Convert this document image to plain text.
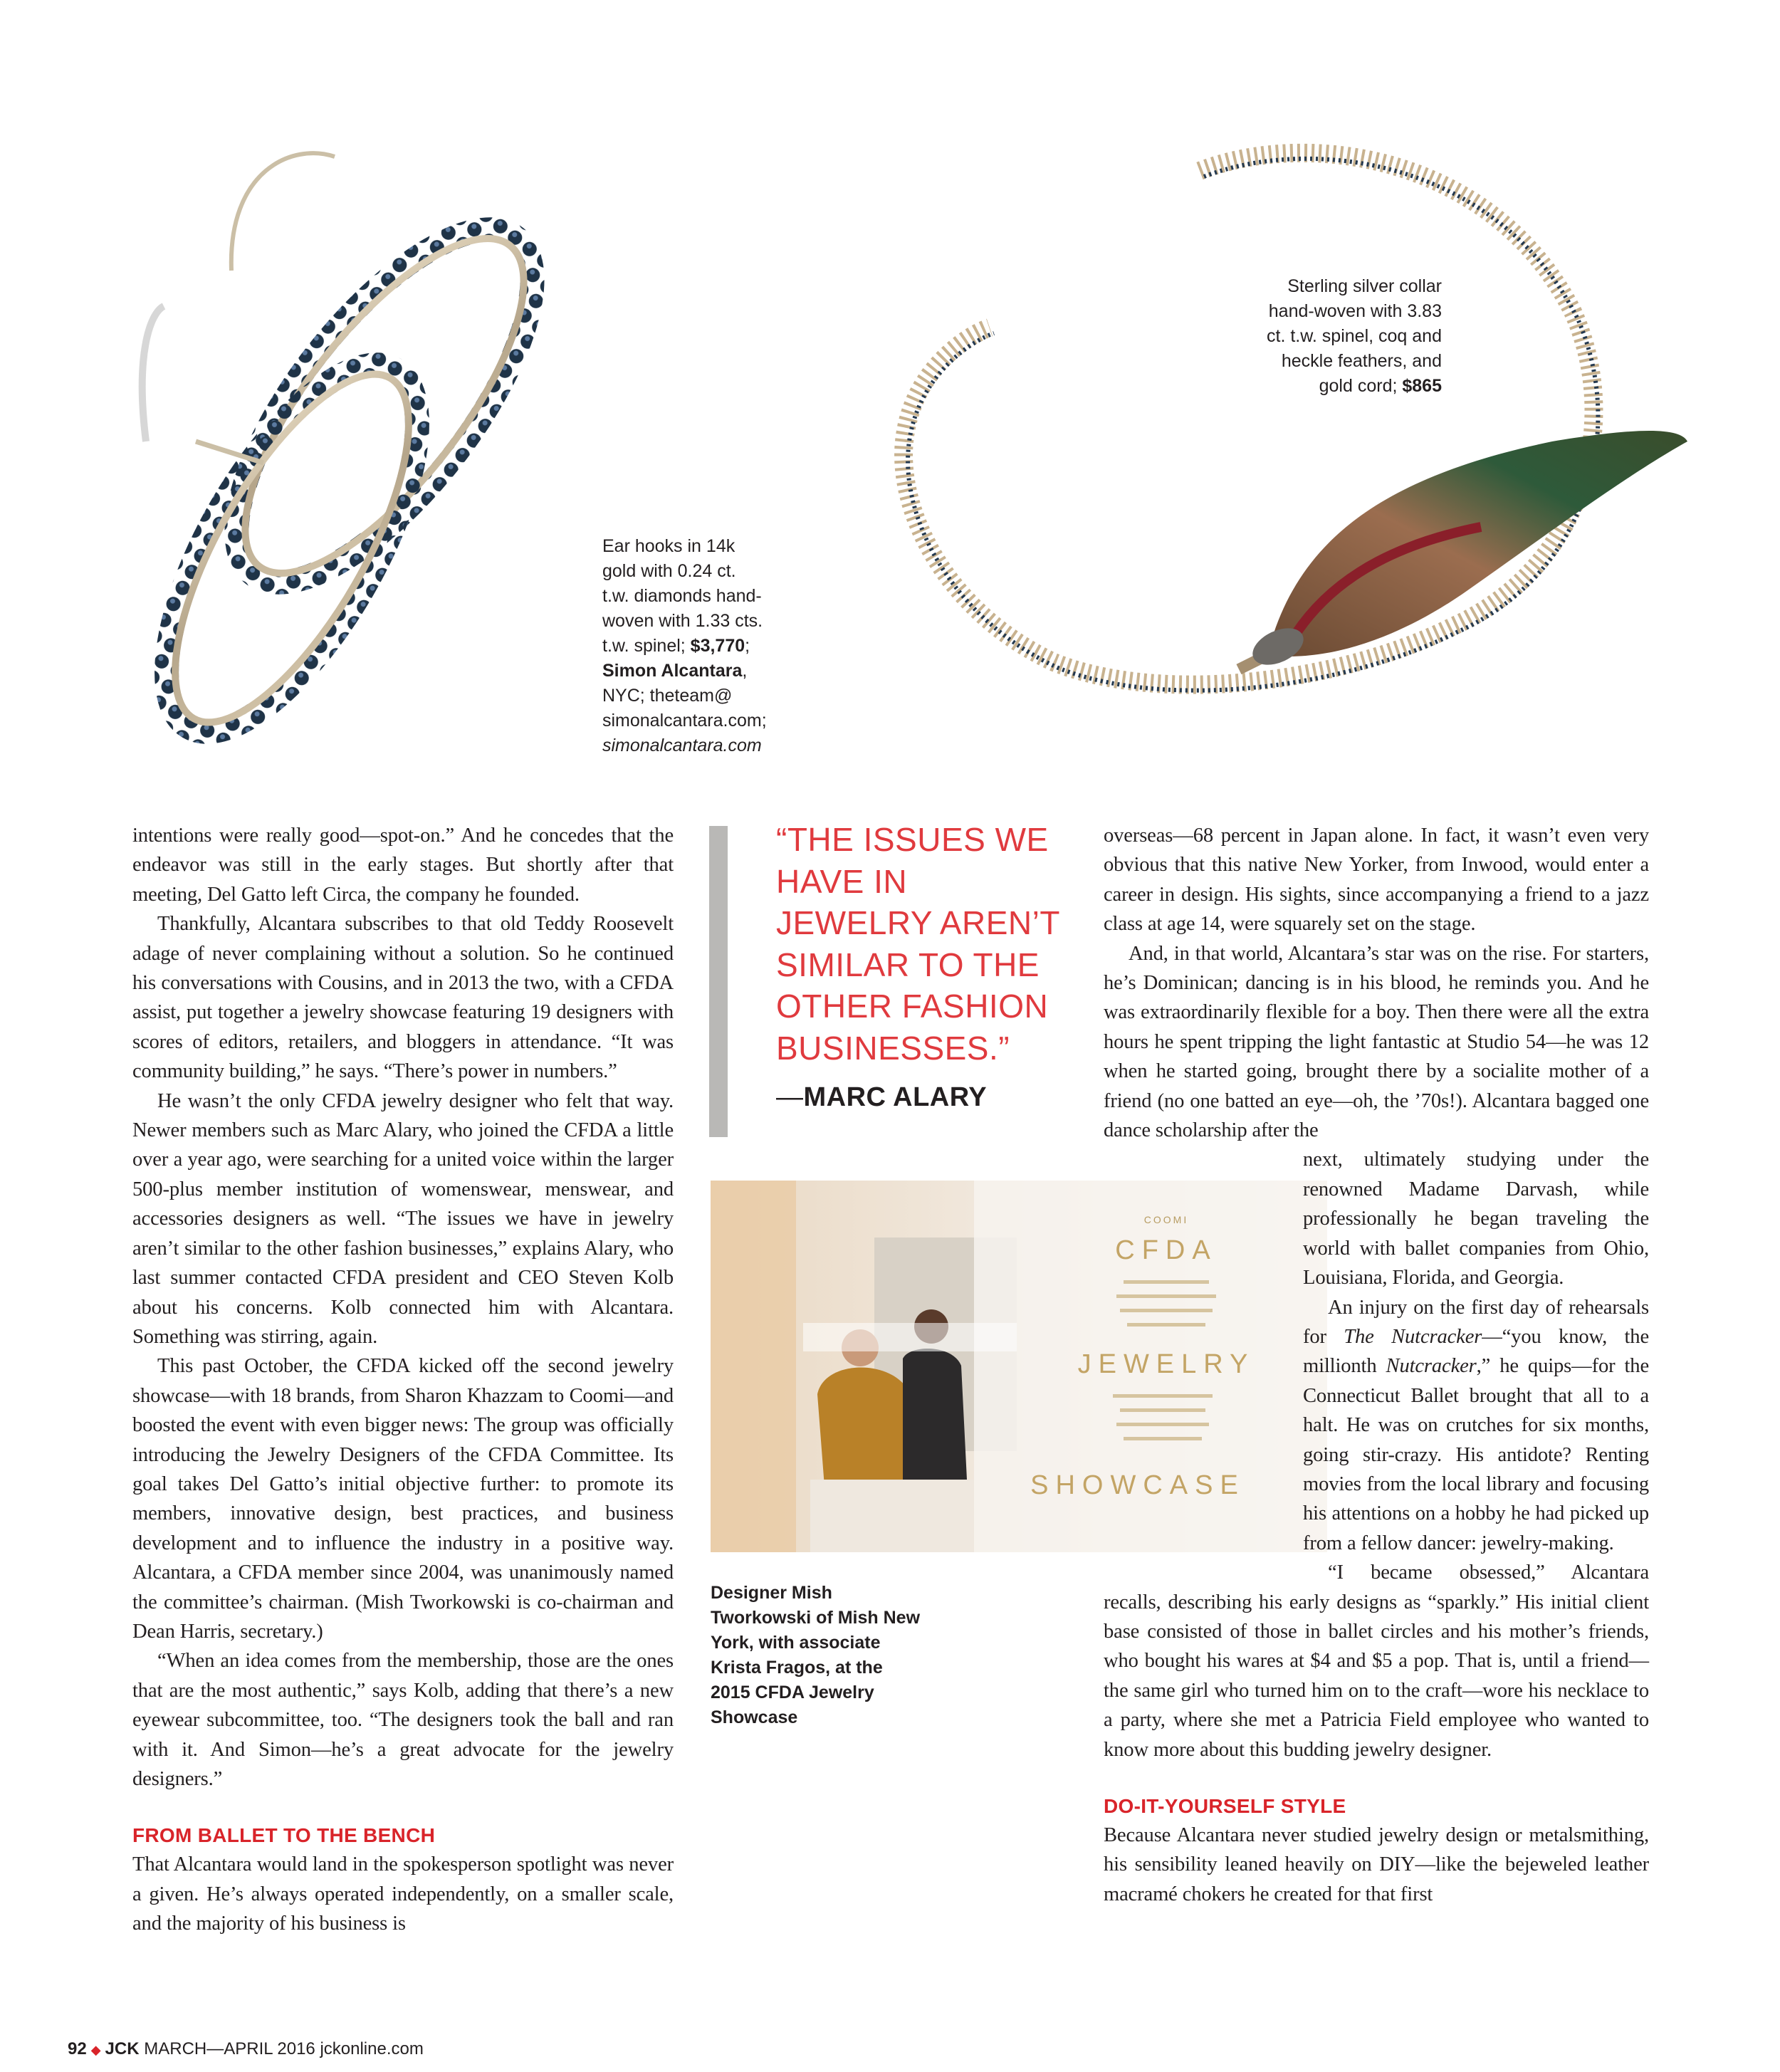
Sterling silver collar
hand-woven with 3.83
ct. t.w. spinel, coq and
heckle feathers, and
gold cord; $865
Ear hooks in 14k
gold with 0.24 ct.
t.w. diamonds hand-
woven with 1.33 cts.
t.w. spinel; $3,770;
Simon Alcantara,
NYC; theteam@
simonalcantara.com;
simonalcantara.com

intentions were really good—spot-on.” And he concedes that the endeavor was still in the early stages. But shortly after that meeting, Del Gatto left Circa, the company he founded.

Thankfully, Alcantara subscribes to that old Teddy Roosevelt adage of never complaining without a solution. So he continued his conversations with Cousins, and in 2013 the two, with a CFDA assist, put together a jewelry showcase featuring 19 designers with scores of editors, retailers, and bloggers in attendance. “It was community building,” he says. “There’s power in numbers.”

He wasn’t the only CFDA jewelry designer who felt that way. Newer members such as Marc Alary, who joined the CFDA a little over a year ago, were searching for a united voice within the larger 500-plus member institution of womenswear, menswear, and accessories designers as well. “The issues we have in jewelry aren’t similar to the other fashion businesses,” explains Alary, who last summer contacted CFDA president and CEO Steven Kolb about his concerns. Kolb connected him with Alcantara. Something was stirring, again.

This past October, the CFDA kicked off the second jewelry showcase—with 18 brands, from Sharon Khazzam to Coomi—and boosted the event with even bigger news: The group was officially introducing the Jewelry Designers of the CFDA Committee. Its goal takes Del Gatto’s initial objective further: to promote its members, innovative design, best practices, and business development and to influence the industry in a positive way. Alcantara, a CFDA member since 2004, was unanimously named the committee’s chairman. (Mish Tworkowski is co-chairman and Dean Harris, secretary.)

“When an idea comes from the membership, those are the ones that are the most authentic,” says Kolb, adding that there’s a new eyewear subcommittee, too. “The designers took the ball and ran with it. And Simon—he’s a great advocate for the jewelry designers.”

FROM BALLET TO THE BENCH

That Alcantara would land in the spokesperson spotlight was never a given. He’s always operated independently, on a smaller scale, and the majority of his business is

“THE ISSUES WE HAVE IN JEWELRY AREN’T SIMILAR TO THE OTHER FASHION BUSINESSES.”
—MARC ALARY
COOMI
CFDA
JEWELRY
SHOWCASE
Designer Mish Tworkowski of Mish New York, with associate Krista Fragos, at the 2015 CFDA Jewelry Showcase

overseas—68 percent in Japan alone. In fact, it wasn’t even very obvious that this native New Yorker, from Inwood, would enter a career in design. His sights, since accompanying a friend to a jazz class at age 14, were squarely set on the stage.

And, in that world, Alcantara’s star was on the rise. For starters, he’s Dominican; dancing is in his blood, he reminds you. And he was extraordinarily flexible for a boy. Then there were all the extra hours he spent tripping the light fantastic at Studio 54—he was 12 when he started going, brought there by a socialite mother of a friend (no one batted an eye—oh, the ’70s!). Alcantara bagged one dance scholarship after the

next, ultimately studying under the renowned Madame Darvash, while professionally he began traveling the world with ballet companies from Ohio, Louisiana, Florida, and Georgia.

An injury on the first day of rehearsals for The Nutcracker—“you know, the millionth Nutcracker,” he quips—for the Connecticut Ballet brought that all to a halt. He was on crutches for six months, going stir-crazy. His antidote? Renting movies from the local library and focusing his attentions on a hobby he had picked up from a fellow dancer: jewelry-making.

“I became obsessed,” Alcantara

recalls, describing his early designs as “sparkly.” His initial client base consisted of those in ballet circles and his mother’s friends, who bought his wares at $4 and $5 a pop. That is, until a friend—the same girl who turned him on to the craft—wore his necklace to a party, where she met a Patricia Field employee who wanted to know more about this budding jewelry designer.

DO-IT-YOURSELF STYLE

Because Alcantara never studied jewelry design or metalsmithing, his sensibility leaned heavily on DIY—like the bejeweled leather macramé chokers he created for that first

92 ◆ JCK MARCH—APRIL 2016 jckonline.com
